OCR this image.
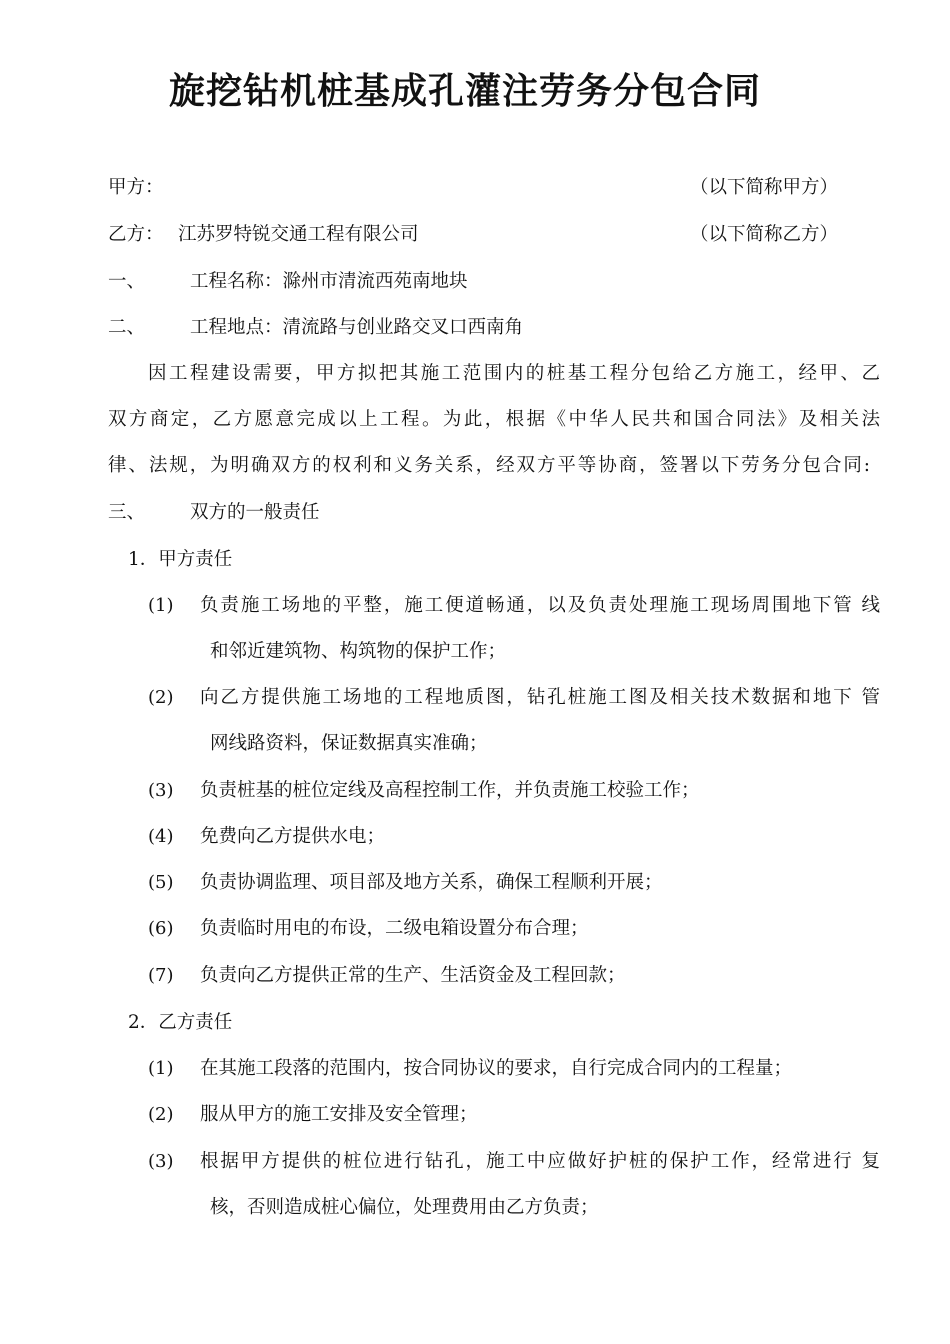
旋挖钻机桩基成孔灌注劳务分包合同
甲方：	（以下简称甲方）
乙方： 江苏罗特锐交通工程有限公司	（以下简称乙方）
一、 工程名称：滁州市清流西苑南地块
二、 工程地点：清流路与创业路交叉口西南角
因工程建设需要，甲方拟把其施工范围内的桩基工程分包给乙方施工，经甲、乙
双方商定，乙方愿意完成以上工程。为此，根据《中华人民共和国合同法》及相关法
律、法规，为明确双方的权利和义务关系，经双方平等协商，签署以下劳务分包合同:
三、 双方的一般责任
1．甲方责任
(1) 负责施工场地的平整，施工便道畅通，以及负责处理施工现场周围地下管 线
和邻近建筑物、构筑物的保护工作；
(2) 向乙方提供施工场地的工程地质图，钻孔桩施工图及相关技术数据和地下 管
网线路资料，保证数据真实准确；
(3) 负责桩基的桩位定线及高程控制工作，并负责施工校验工作；
(4) 免费向乙方提供水电；
(5) 负责协调监理、项目部及地方关系，确保工程顺利开展；
(6) 负责临时用电的布设，二级电箱设置分布合理；
(7) 负责向乙方提供正常的生产、生活资金及工程回款；
2．乙方责任
(1) 在其施工段落的范围内，按合同协议的要求，自行完成合同内的工程量；
(2) 服从甲方的施工安排及安全管理；
(3) 根据甲方提供的桩位进行钻孔，施工中应做好护桩的保护工作，经常进行 复
核，否则造成桩心偏位，处理费用由乙方负责；
